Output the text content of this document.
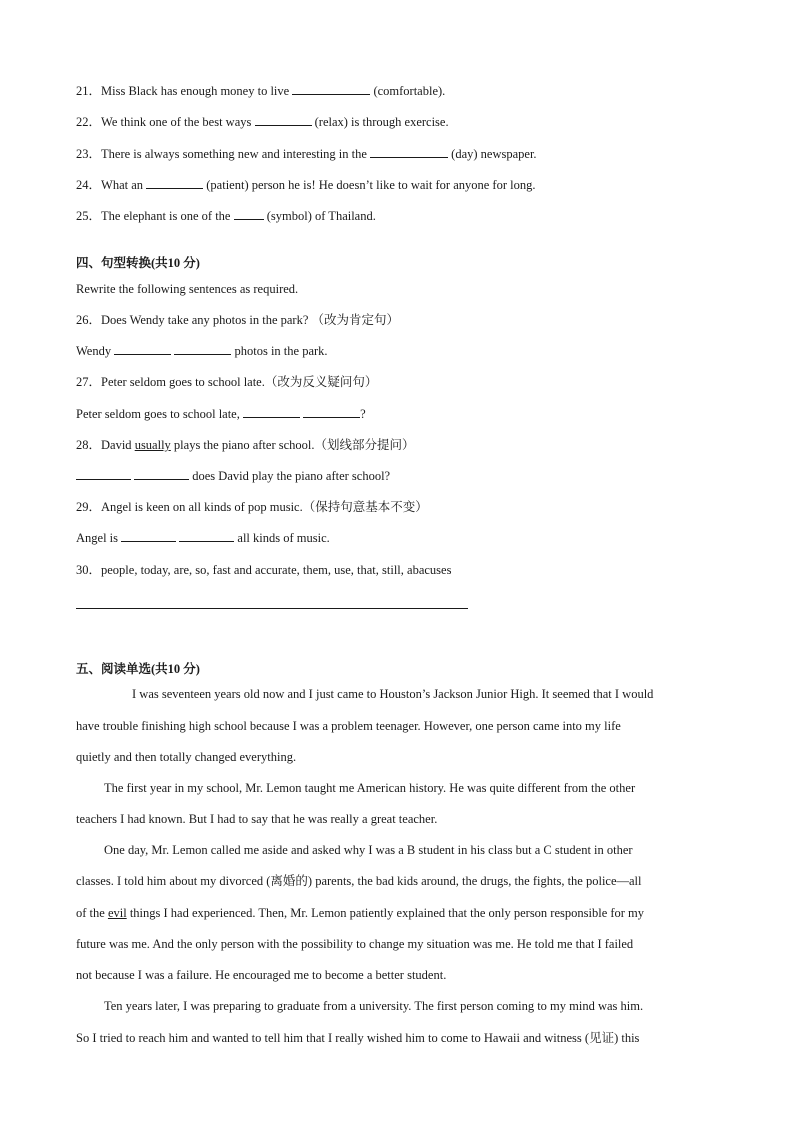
21．Miss Black has enough money to live	(comfortable).
22．We think one of the best ways	(relax) is through exercise.
23．There is always something new and interesting in the	(day) newspaper.
24．What an	(patient) person he is! He doesn’t like to wait for anyone for long.
25．The elephant is one of the  (symbol) of Thailand.
四、句型转换(共10 分)
Rewrite the following sentences as required.
26．Does Wendy take any photos in the park? （改为肯定句）
Wendy	photos in the park.
27．Peter seldom goes to school late.（改为反义疑问句）
Peter seldom goes to school late,	?
28．David usually plays the piano after school.（划线部分提问）
does David play the piano after school?
29．Angel is keen on all kinds of pop music.（保持句意基本不变）
Angel is	all kinds of music.
30．people, today, are, so, fast and accurate, them, use, that, still, abacuses
五、阅读单选(共10 分)
I was seventeen years old now and I just came to Houston’s Jackson Junior High. It seemed that I would
have trouble finishing high school because I was a problem teenager. However, one person came into my life
quietly and then totally changed everything.
The first year in my school, Mr. Lemon taught me American history. He was quite different from the other
teachers I had known. But I had to say that he was really a great teacher.
One day, Mr. Lemon called me aside and asked why I was a B student in his class but a C student in other
classes. I told him about my divorced (离婚的) parents, the bad kids around, the drugs, the fights, the police—all
of the evil things I had experienced. Then, Mr. Lemon patiently explained that the only person responsible for my
future was me. And the only person with the possibility to change my situation was me. He told me that I failed
not because I was a failure. He encouraged me to become a better student.
Ten years later, I was preparing to graduate from a university. The first person coming to my mind was him.
So I tried to reach him and wanted to tell him that I really wished him to come to Hawaii and witness (见证) this
